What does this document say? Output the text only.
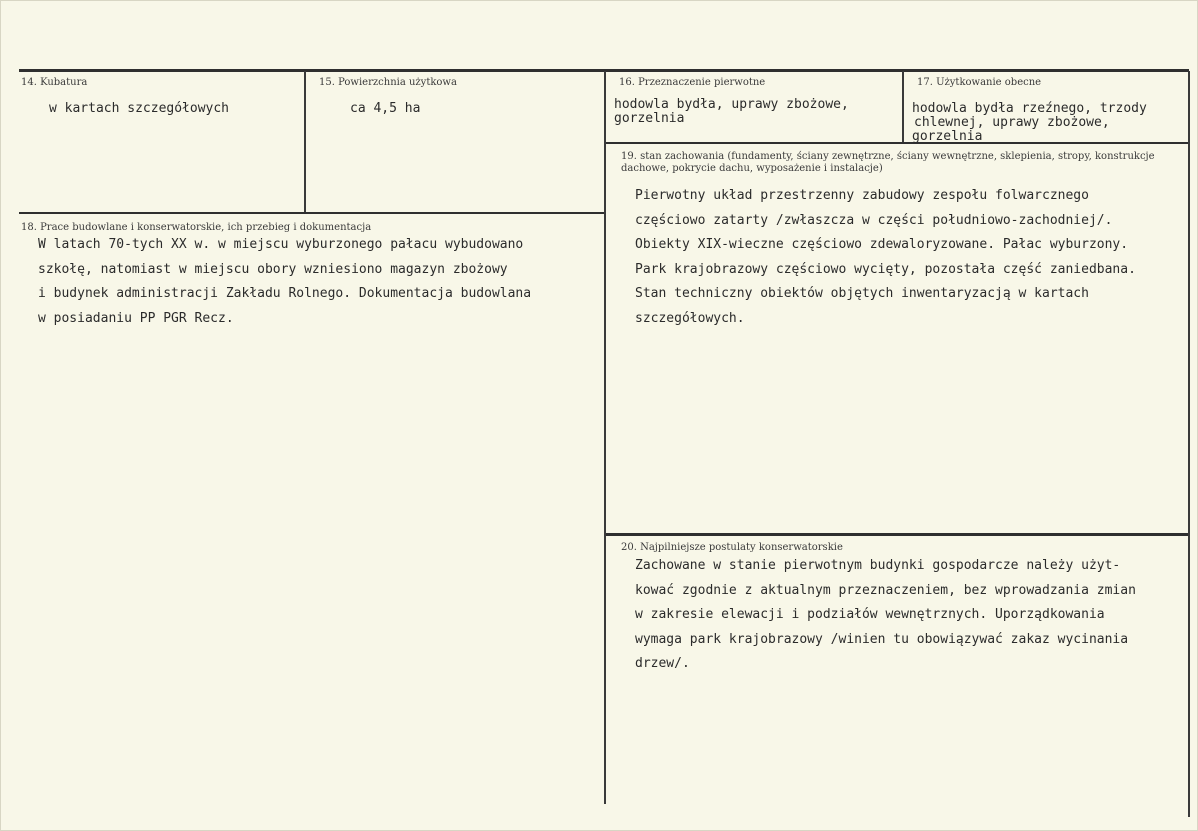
14. Kubatura
w kartach szczegółowych
15. Powierzchnia użytkowa
ca 4,5 ha
16. Przeznaczenie pierwotne
hodowla bydła, uprawy zbożowe,
gorzelnia
17. Użytkowanie obecne
hodowla bydła rzeźnego, trzody
chlewnej, uprawy zbożowe,
gorzelnia
18. Prace budowlane i konserwatorskie, ich przebieg i dokumentacja
W latach 70-tych XX w. w miejscu wyburzonego pałacu wybudowano
szkołę, natomiast w miejscu obory wzniesiono magazyn zbożowy
i budynek administracji Zakładu Rolnego. Dokumentacja budowlana
w posiadaniu PP PGR Recz.
19. stan zachowania (fundamenty, ściany zewnętrzne, ściany wewnętrzne, sklepienia, stropy, konstrukcje dachowe, pokrycie dachu, wyposażenie i instalacje)
Pierwotny układ przestrzenny zabudowy zespołu folwarcznego
częściowo zatarty /zwłaszcza w części południowo-zachodniej/.
Obiekty XIX-wieczne częściowo zdewaloryzowane. Pałac wyburzony.
Park krajobrazowy częściowo wycięty, pozostała część zaniedbana.
Stan techniczny obiektów objętych inwentaryzacją w kartach
szczegółowych.
20. Najpilniejsze postulaty konserwatorskie
Zachowane w stanie pierwotnym budynki gospodarcze należy użyt-
kować zgodnie z aktualnym przeznaczeniem, bez wprowadzania zmian
w zakresie elewacji i podziałów wewnętrznych. Uporządkowania
wymaga park krajobrazowy /winien tu obowiązywać zakaz wycinania
drzew/.
